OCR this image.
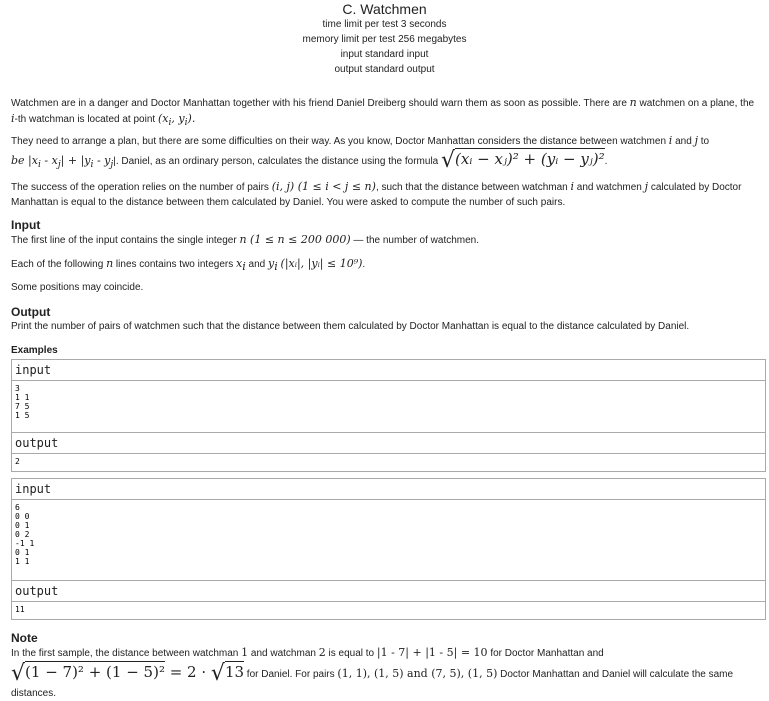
C. Watchmen
time limit per test 3 seconds
memory limit per test 256 megabytes
input standard input
output standard output

Watchmen are in a danger and Doctor Manhattan together with his friend Daniel Dreiberg should warn them as soon as possible. There are n watchmen on a plane, the i-th watchman is located at point ($x_i$, $y_i$).

They need to arrange a plan, but there are some difficulties on their way. As you know, Doctor Manhattan considers the distance between watchmen i and j to

be $|x_i - x_j| + |y_i - y_j|$. Daniel, as an ordinary person, calculates the distance using the formula √(xᵢ − xⱼ)² + (yᵢ − yⱼ)².

The success of the operation relies on the number of pairs (i, j) (1 ≤ i < j ≤ n), such that the distance between watchman i and watchmen j calculated by Doctor

Manhattan is equal to the distance between them calculated by Daniel. You were asked to compute the number of such pairs.

Input

The first line of the input contains the single integer n (1 ≤ n ≤ 200 000) — the number of watchmen.

Each of the following n lines contains two integers $x_i$ and $y_i$ (|xᵢ|, |yᵢ| ≤ 10⁹).

Some positions may coincide.

Output

Print the number of pairs of watchmen such that the distance between them calculated by Doctor Manhattan is equal to the distance calculated by Daniel.

Examples
input
3
1 1
7 5
1 5
output
2
input
6
0 0
0 1
0 2
-1 1
0 1
1 1
output
11
Note

In the first sample, the distance between watchman 1 and watchman 2 is equal to |1 - 7| + |1 - 5| = 10 for Doctor Manhattan and

√(1 − 7)² + (1 − 5)² = 2 · √13 for Daniel. For pairs (1, 1), (1, 5) and (7, 5), (1, 5) Doctor Manhattan and Daniel will calculate the same

distances.
